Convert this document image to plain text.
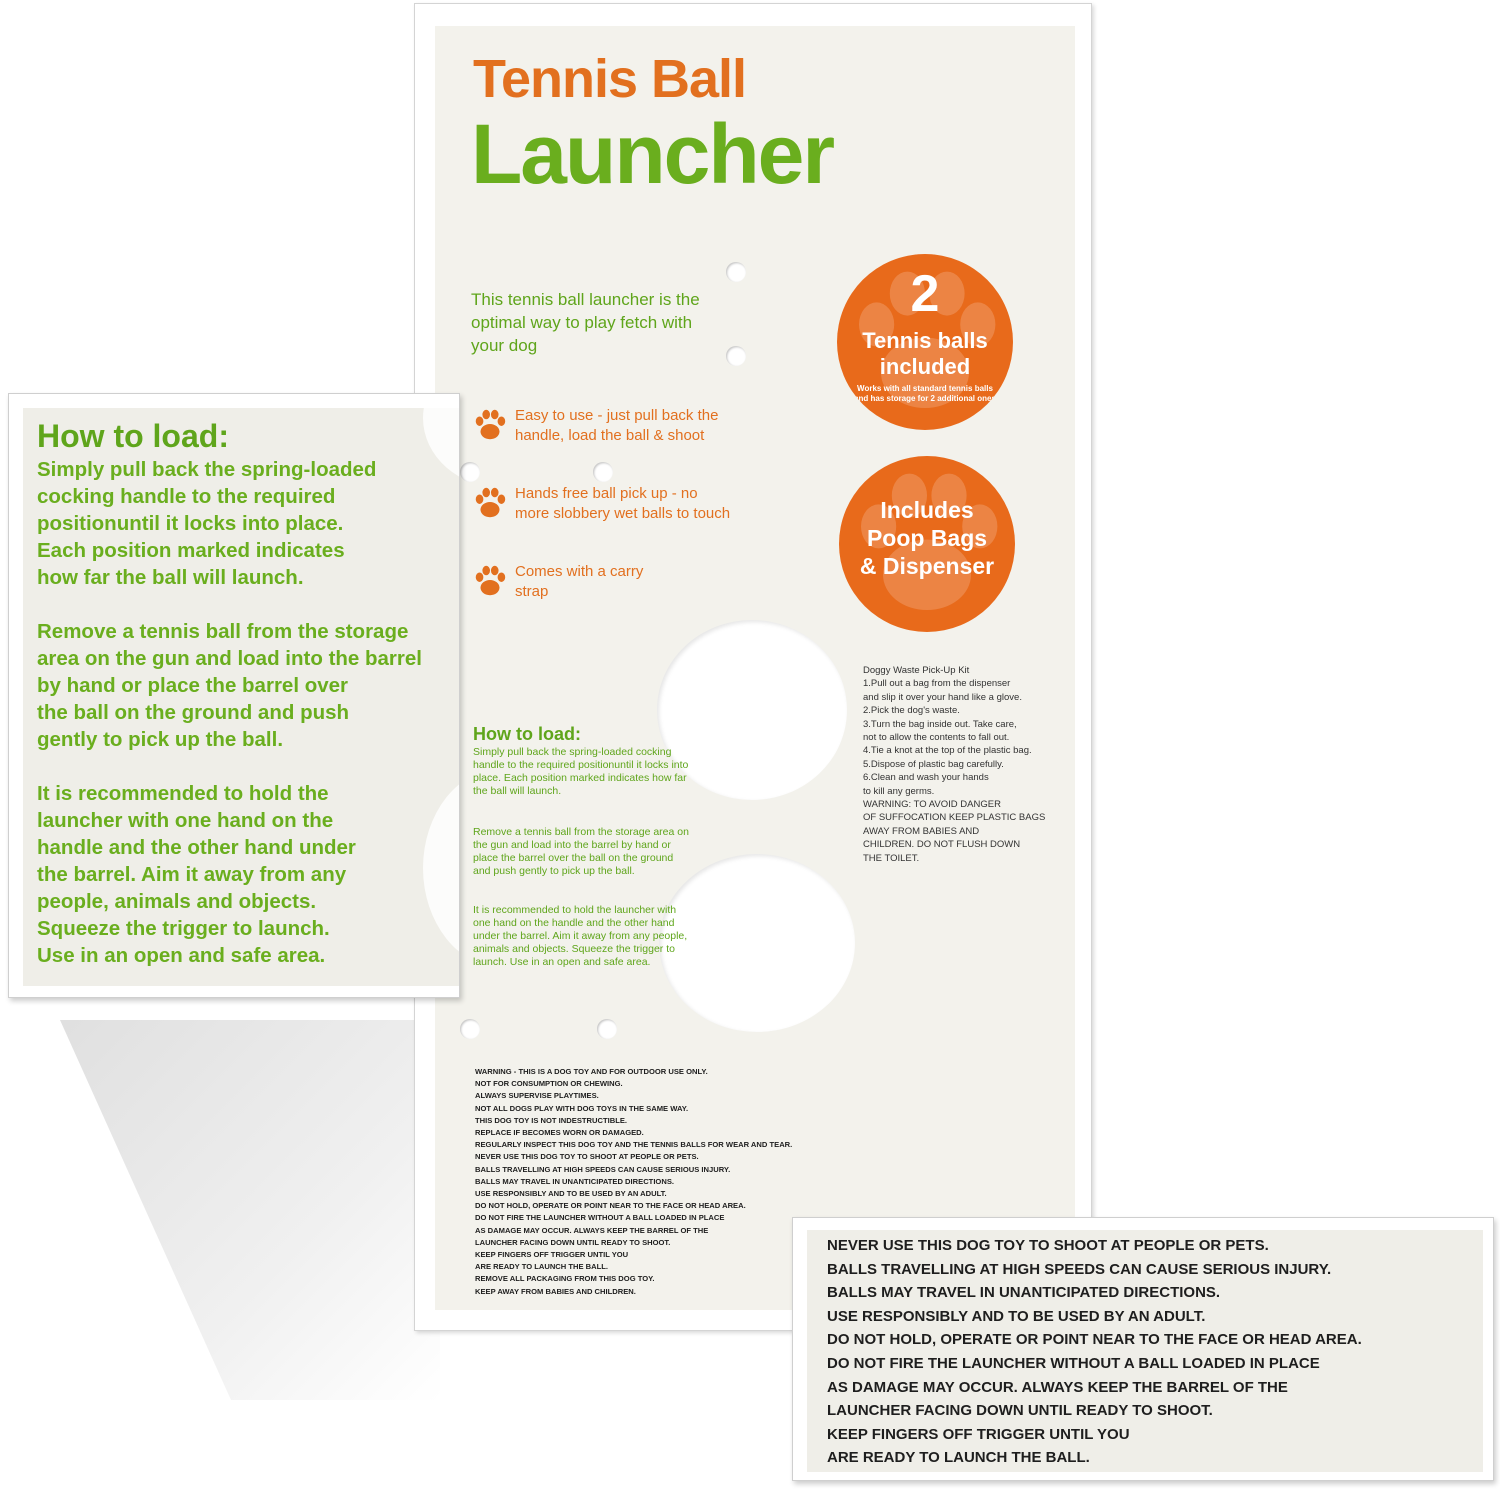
Tennis Ball
Launcher
This tennis ball launcher is the optimal way to play fetch with your dog
Easy to use - just pull back the handle, load the ball & shoot
Hands free ball pick up - no more slobbery wet balls to touch
Comes with a carry strap
2
Tennis balls
included
Works with all standard tennis balls and has storage for 2 additional ones
Includes
Poop Bags
& Dispenser
How to load:
Simply pull back the spring-loaded cocking handle to the required positionuntil it locks into place. Each position marked indicates how far the ball will launch.
Remove a tennis ball from the storage area on the gun and load into the barrel by hand or place the barrel over the ball on the ground and push gently to pick up the ball.
It is recommended to hold the launcher with one hand on the handle and the other hand under the barrel. Aim it away from any people, animals and objects. Squeeze the trigger to launch. Use in an open and safe area.
Doggy Waste Pick-Up Kit
1.Pull out a bag from the dispenser
and slip it over your hand like a glove.
2.Pick the dog's waste.
3.Turn the bag inside out. Take care,
not to allow the contents to fall out.
4.Tie a knot at the top of the plastic bag.
5.Dispose of plastic bag carefully.
6.Clean and wash your hands
to kill any germs.
WARNING: TO AVOID DANGER
OF SUFFOCATION KEEP PLASTIC BAGS
AWAY FROM BABIES AND
CHILDREN. DO NOT FLUSH DOWN
THE TOILET.
WARNING - THIS IS A DOG TOY AND FOR OUTDOOR USE ONLY.
NOT FOR CONSUMPTION OR CHEWING.
ALWAYS SUPERVISE PLAYTIMES.
NOT ALL DOGS PLAY WITH DOG TOYS IN THE SAME WAY.
THIS DOG TOY IS NOT INDESTRUCTIBLE.
REPLACE IF BECOMES WORN OR DAMAGED.
REGULARLY INSPECT THIS DOG TOY AND THE TENNIS BALLS FOR WEAR AND TEAR.
NEVER USE THIS DOG TOY TO SHOOT AT PEOPLE OR PETS.
BALLS TRAVELLING AT HIGH SPEEDS CAN CAUSE SERIOUS INJURY.
BALLS MAY TRAVEL IN UNANTICIPATED DIRECTIONS.
USE RESPONSIBLY AND TO BE USED BY AN ADULT.
DO NOT HOLD, OPERATE OR POINT NEAR TO THE FACE OR HEAD AREA.
DO NOT FIRE THE LAUNCHER WITHOUT A BALL LOADED IN PLACE
AS DAMAGE MAY OCCUR. ALWAYS KEEP THE BARREL OF THE
LAUNCHER FACING DOWN UNTIL READY TO SHOOT.
KEEP FINGERS OFF TRIGGER UNTIL YOU
ARE READY TO LAUNCH THE BALL.
REMOVE ALL PACKAGING FROM THIS DOG TOY.
KEEP AWAY FROM BABIES AND CHILDREN.
How to load:
Simply pull back the spring-loaded
cocking handle to the required
positionuntil it locks into place.
Each position marked indicates
how far the ball will launch.
Remove a tennis ball from the storage
area on the gun and load into the barrel
by hand or place the barrel over
the ball on the ground and push
gently to pick up the ball.
It is recommended to hold the
launcher with one hand on the
handle and the other hand under
the barrel. Aim it away from any
people, animals and objects.
Squeeze the trigger to launch.
Use in an open and safe area.
NEVER USE THIS DOG TOY TO SHOOT AT PEOPLE OR PETS.
BALLS TRAVELLING AT HIGH SPEEDS CAN CAUSE SERIOUS INJURY.
BALLS MAY TRAVEL IN UNANTICIPATED DIRECTIONS.
USE RESPONSIBLY AND TO BE USED BY AN ADULT.
DO NOT HOLD, OPERATE OR POINT NEAR TO THE FACE OR HEAD AREA.
DO NOT FIRE THE LAUNCHER WITHOUT A BALL LOADED IN PLACE
AS DAMAGE MAY OCCUR. ALWAYS KEEP THE BARREL OF THE
LAUNCHER FACING DOWN UNTIL READY TO SHOOT.
KEEP FINGERS OFF TRIGGER UNTIL YOU
ARE READY TO LAUNCH THE BALL.
